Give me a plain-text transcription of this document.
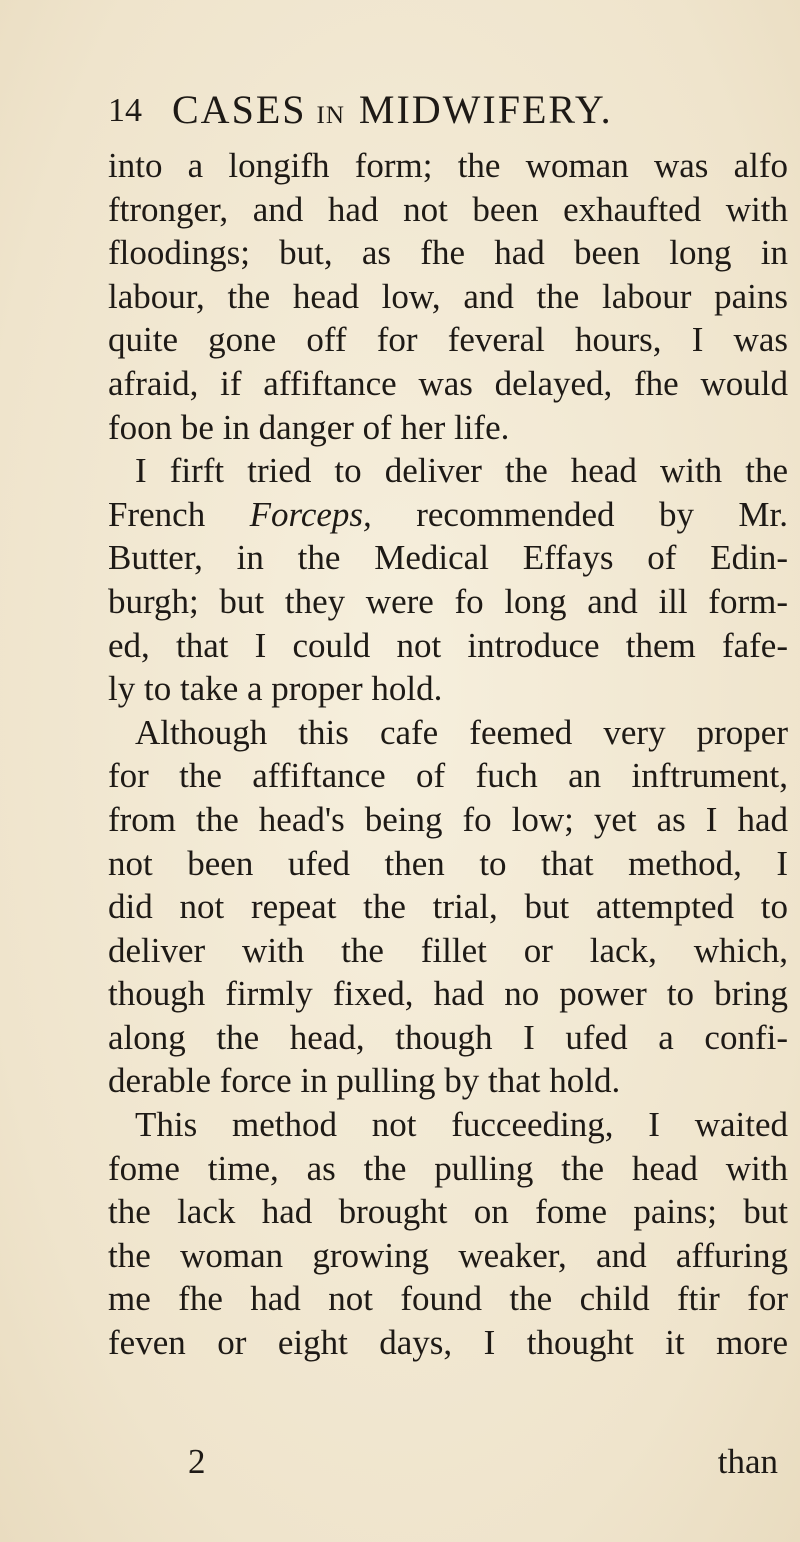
14 CASES IN MIDWIFERY.
into a longifh form; the woman was alfo
ftronger, and had not been exhaufted with
floodings; but, as fhe had been long in
labour, the head low, and the labour pains
quite gone off for feveral hours, I was
afraid, if affiftance was delayed, fhe would
foon be in danger of her life.
I firft tried to deliver the head with the
French Forceps, recommended by Mr.
Butter, in the Medical Effays of Edin-
burgh; but they were fo long and ill form-
ed, that I could not introduce them fafe-
ly to take a proper hold.
Although this cafe feemed very proper
for the affiftance of fuch an inftrument,
from the head's being fo low; yet as I had
not been ufed then to that method, I
did not repeat the trial, but attempted to
deliver with the fillet or lack, which,
though firmly fixed, had no power to bring
along the head, though I ufed a confi-
derable force in pulling by that hold.
This method not fucceeding, I waited
fome time, as the pulling the head with
the lack had brought on fome pains; but
the woman growing weaker, and affuring
me fhe had not found the child ftir for
feven or eight days, I thought it more
2	than
